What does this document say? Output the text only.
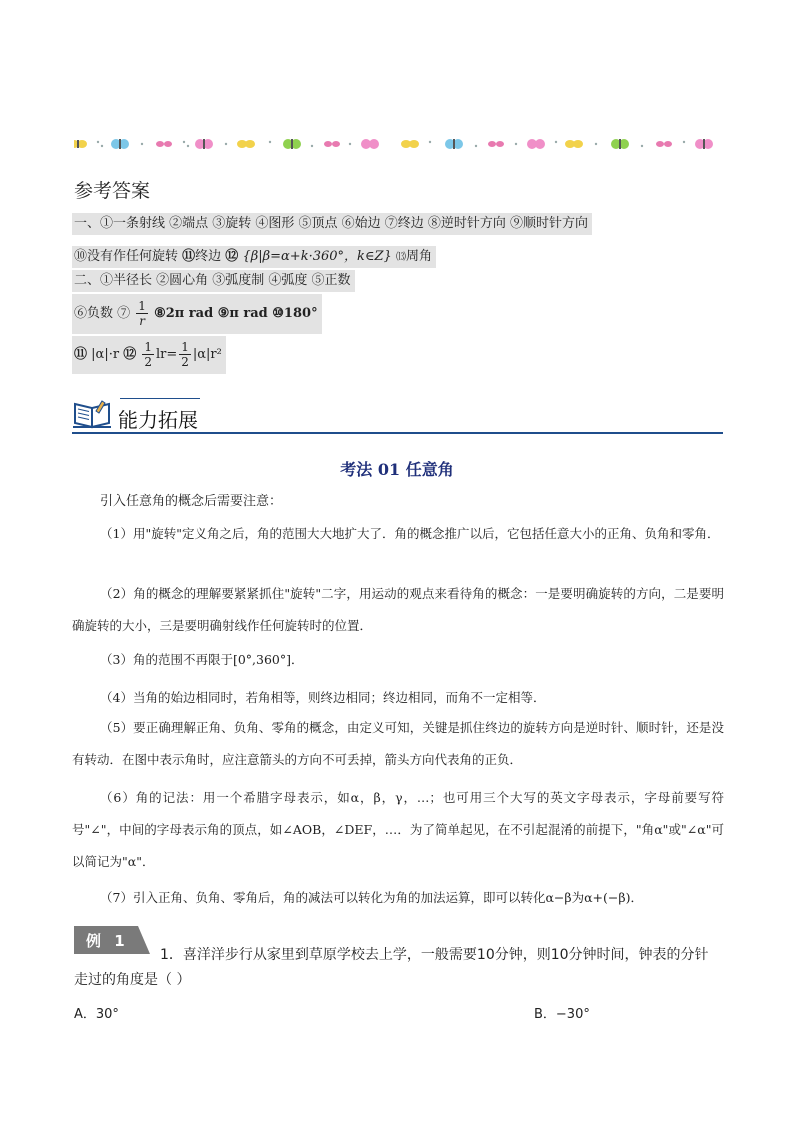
参考答案
一、①一条射线 ②端点 ③旋转 ④图形 ⑤顶点 ⑥始边 ⑦终边 ⑧逆时针方向 ⑨顺时针方向
⑩没有作任何旋转 ⑪终边 ⑫ {β|β=α+k·360°，k∈Z} ⒀周角
二、①半径长 ②圆心角 ③弧度制 ④弧度 ⑤正数
⑥负数 ⑦ $\frac{1}{r}$ ⑧2π rad ⑨π rad ⑩180°
⑪ |α|·r ⑫ $\frac{1}{2} lr= \frac{1}{2} |\alpha|r^2$
能力拓展
考法 01 任意角
引入任意角的概念后需要注意：
（1）用"旋转"定义角之后，角的范围大大地扩大了．角的概念推广以后，它包括任意大小的正角、负角和零角．
（2）角的概念的理解要紧紧抓住"旋转"二字，用运动的观点来看待角的概念：一是要明确旋转的方向，二是要明确旋转的大小，三是要明确射线作任何旋转时的位置．
（3）角的范围不再限于[0°,360°]．
（4）当角的始边相同时，若角相等，则终边相同；终边相同，而角不一定相等．
（5）要正确理解正角、负角、零角的概念，由定义可知，关键是抓住终边的旋转方向是逆时针、顺时针，还是没有转动．在图中表示角时，应注意箭头的方向不可丢掉，箭头方向代表角的正负．
（6）角的记法：用一个希腊字母表示，如α，β，γ，…；也可用三个大写的英文字母表示，字母前要写符号"∠"，中间的字母表示角的顶点，如∠AOB，∠DEF，…．为了简单起见，在不引起混淆的前提下，"角α"或"∠α"可以简记为"α"．
（7）引入正角、负角、零角后，角的减法可以转化为角的加法运算，即可以转化α−β为α+(−β)．
例 1
1．喜洋洋步行从家里到草原学校去上学，一般需要10分钟，则10分钟时间，钟表的分针
走过的角度是（ ）
A．30°	B．−30°
